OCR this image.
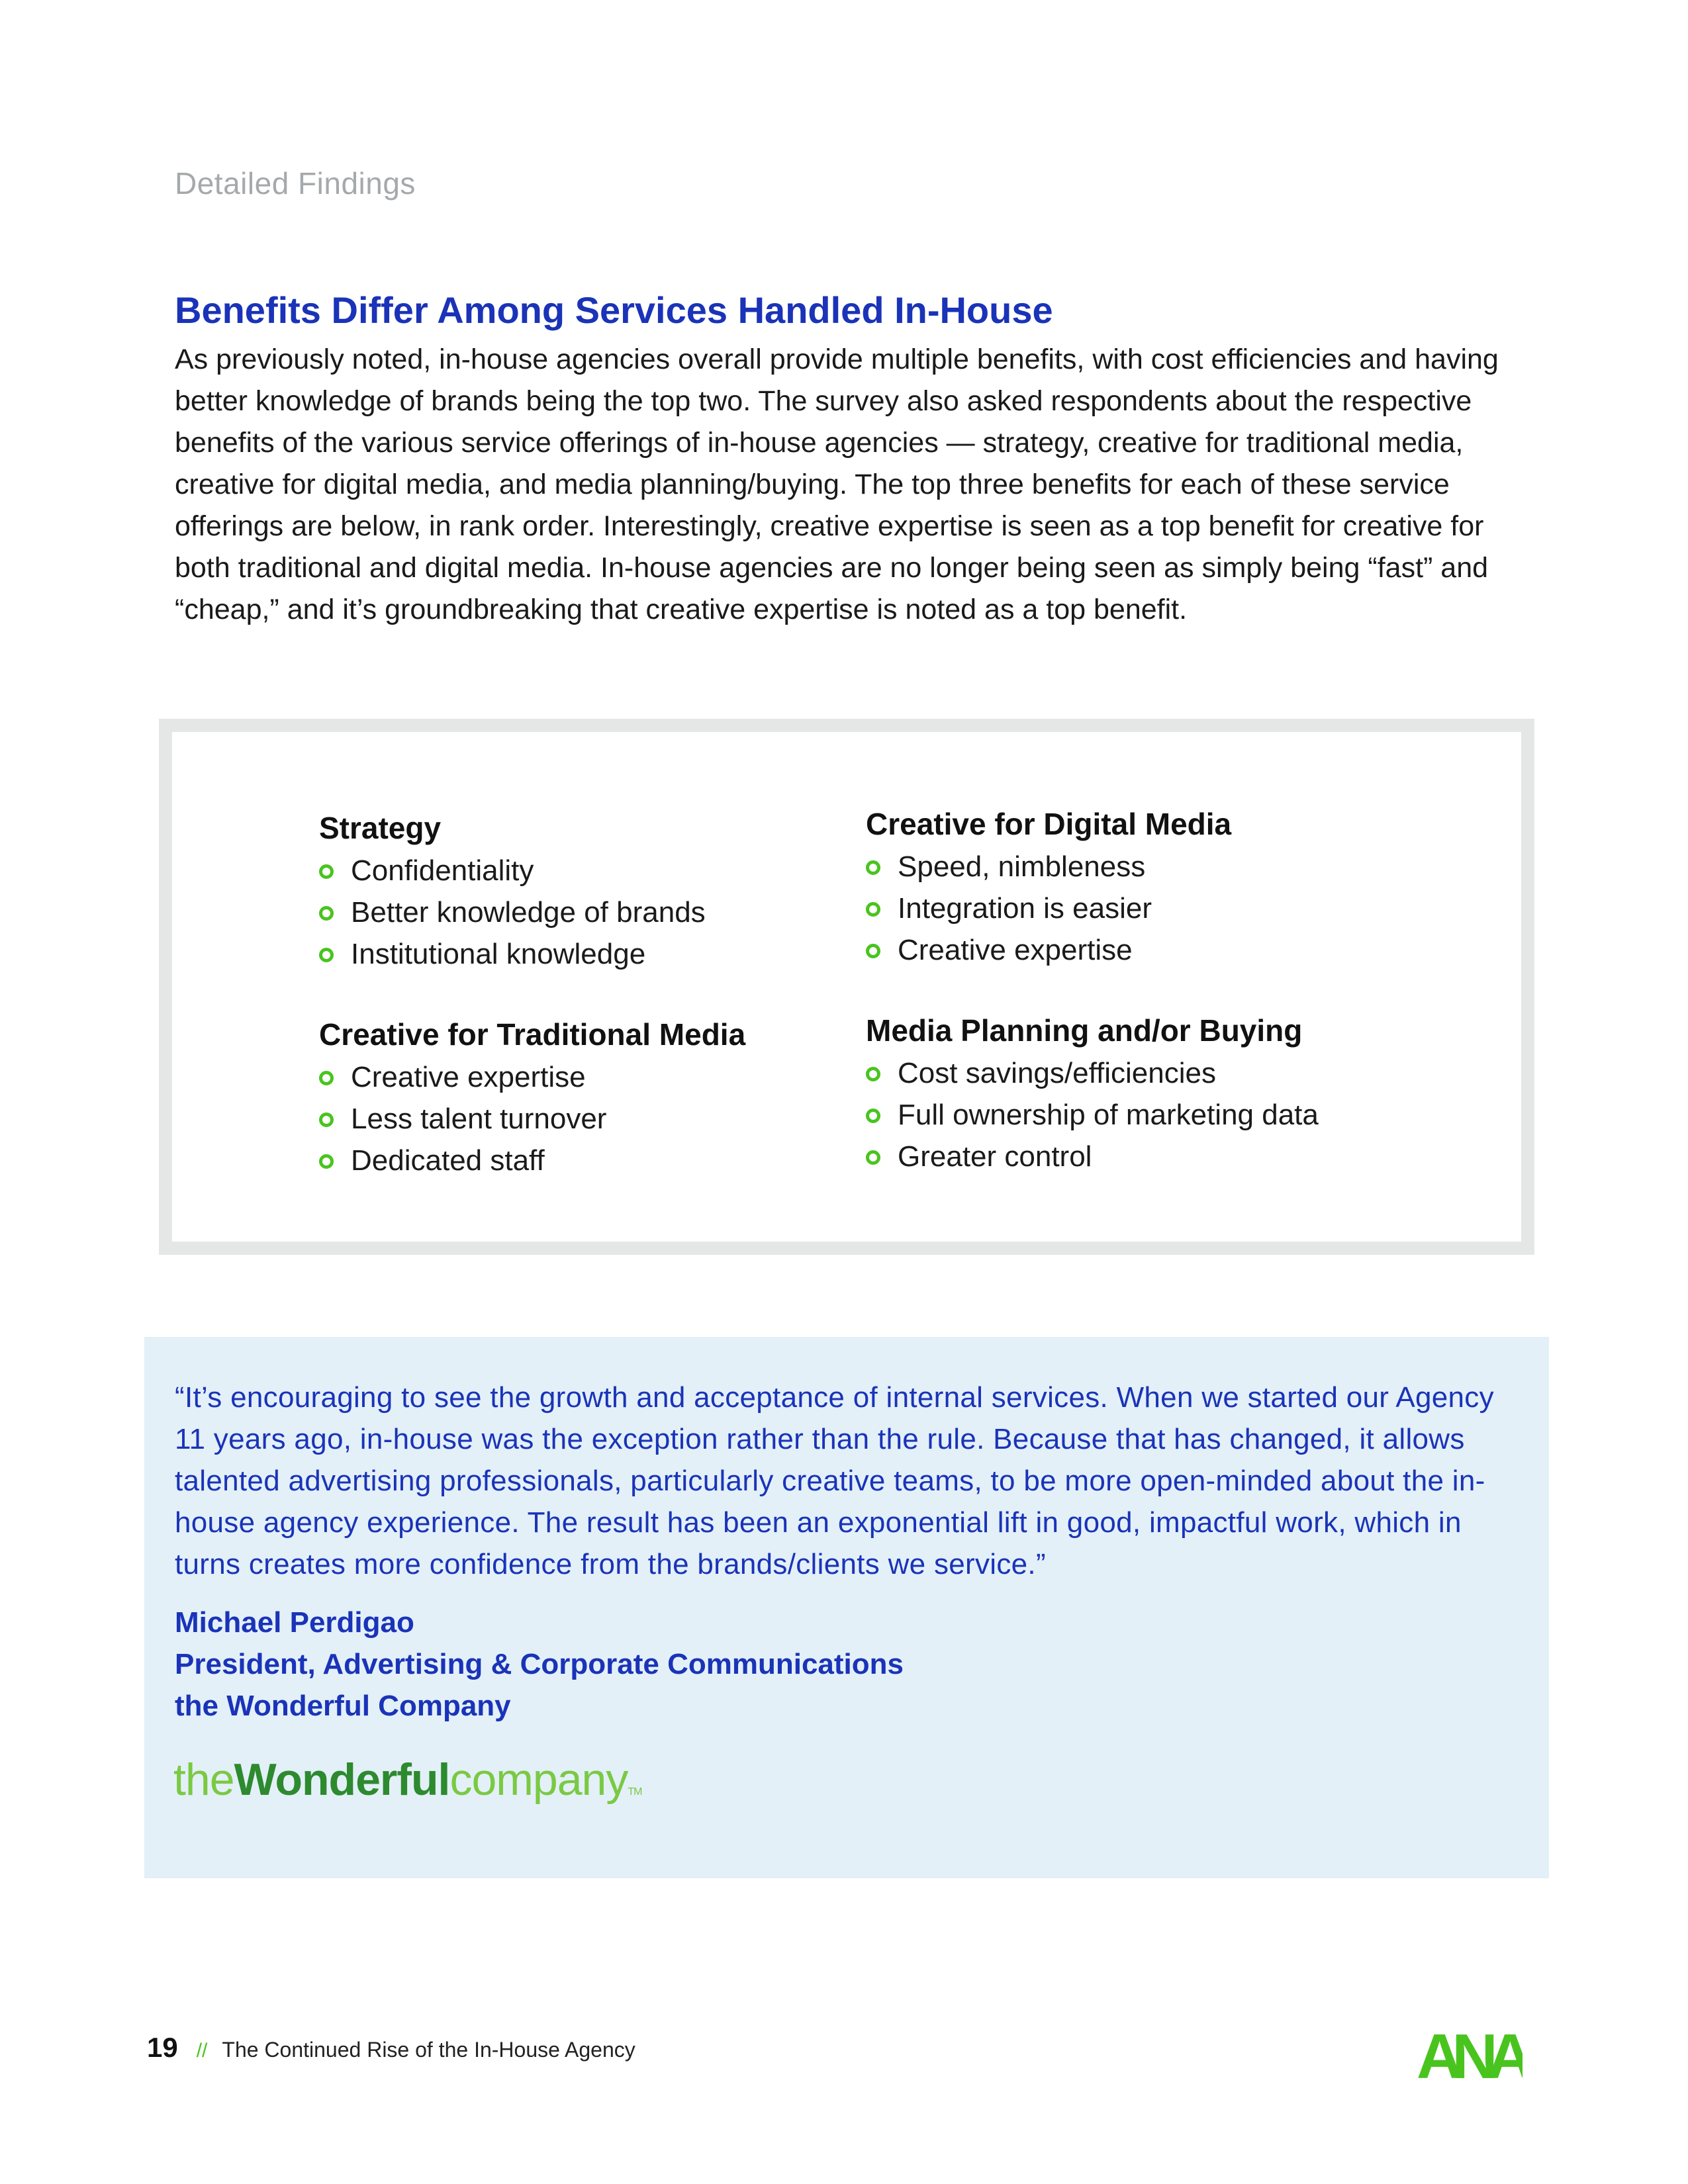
Detailed Findings
Benefits Differ Among Services Handled In-House
As previously noted, in-house agencies overall provide multiple benefits, with cost efficiencies and having better knowledge of brands being the top two. The survey also asked respondents about the respective benefits of the various service offerings of in-house agencies — strategy, creative for traditional media, creative for digital media, and media planning/buying. The top three benefits for each of these service offerings are below, in rank order. Interestingly, creative expertise is seen as a top benefit for creative for both traditional and digital media. In-house agencies are no longer being seen as simply being “fast” and “cheap,” and it’s groundbreaking that creative expertise is noted as a top benefit.
Strategy
Confidentiality
Better knowledge of brands
Institutional knowledge
Creative for Traditional Media
Creative expertise
Less talent turnover
Dedicated staff
Creative for Digital Media
Speed, nimbleness
Integration is easier
Creative expertise
Media Planning and/or Buying
Cost savings/efficiencies
Full ownership of marketing data
Greater control
“It’s encouraging to see the growth and acceptance of internal services. When we started our Agency 11 years ago, in-house was the exception rather than the rule. Because that has changed, it allows talented advertising professionals, particularly creative teams, to be more open-minded about the in-house agency experience. The result has been an exponential lift in good, impactful work, which in turns creates more confidence from the brands/clients we service.”
Michael Perdigao
President, Advertising & Corporate Communications
the Wonderful Company
theWonderfulcompanyTM
19 // The Continued Rise of the In-House Agency	ANA
